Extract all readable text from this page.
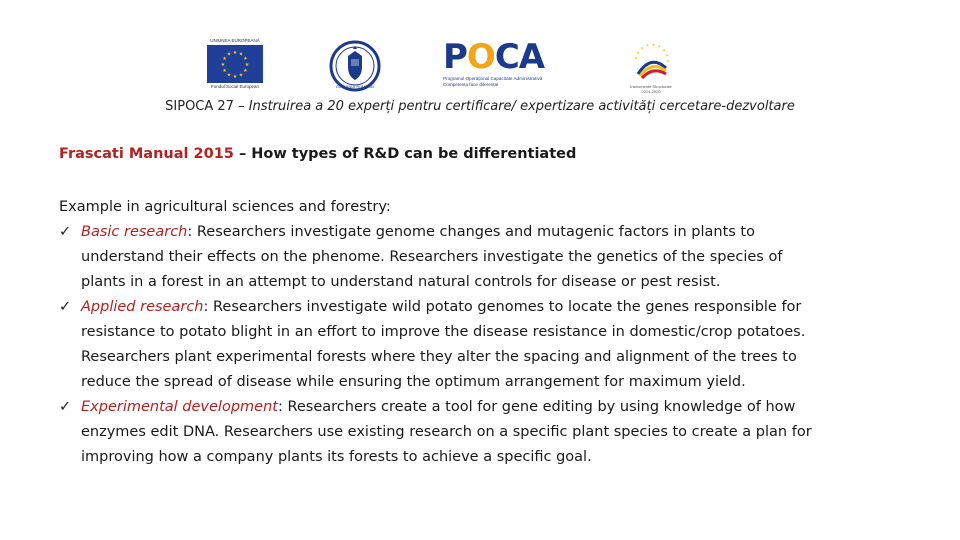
UNIUNEA EUROPEANĂ
★
★
★
★
★
★
★
★
★ ★ ★
★
Fondul Social European	GUVERNUL ROMÂNIEI
POCA
Programul Operațional Capacitate Administrativă
Competența face diferența!
★
★
★
★ ★ ★
★
★
★
Instrumente Structurale
2014-2020
SIPOCA 27 – Instruirea a 20 experți pentru certificare/ expertizare activități cercetare-dezvoltare
Frascati Manual 2015 – How types of R&D can be differentiated

Example in agricultural sciences and forestry:

✓ Basic research: Researchers investigate genome changes and mutagenic factors in plants to
understand their effects on the phenome. Researchers investigate the genetics of the species of
plants in a forest in an attempt to understand natural controls for disease or pest resist.
✓ Applied research: Researchers investigate wild potato genomes to locate the genes responsible for
resistance to potato blight in an effort to improve the disease resistance in domestic/crop potatoes.
Researchers plant experimental forests where they alter the spacing and alignment of the trees to
reduce the spread of disease while ensuring the optimum arrangement for maximum yield.
✓ Experimental development: Researchers create a tool for gene editing by using knowledge of how
enzymes edit DNA. Researchers use existing research on a specific plant species to create a plan for
improving how a company plants its forests to achieve a specific goal.
